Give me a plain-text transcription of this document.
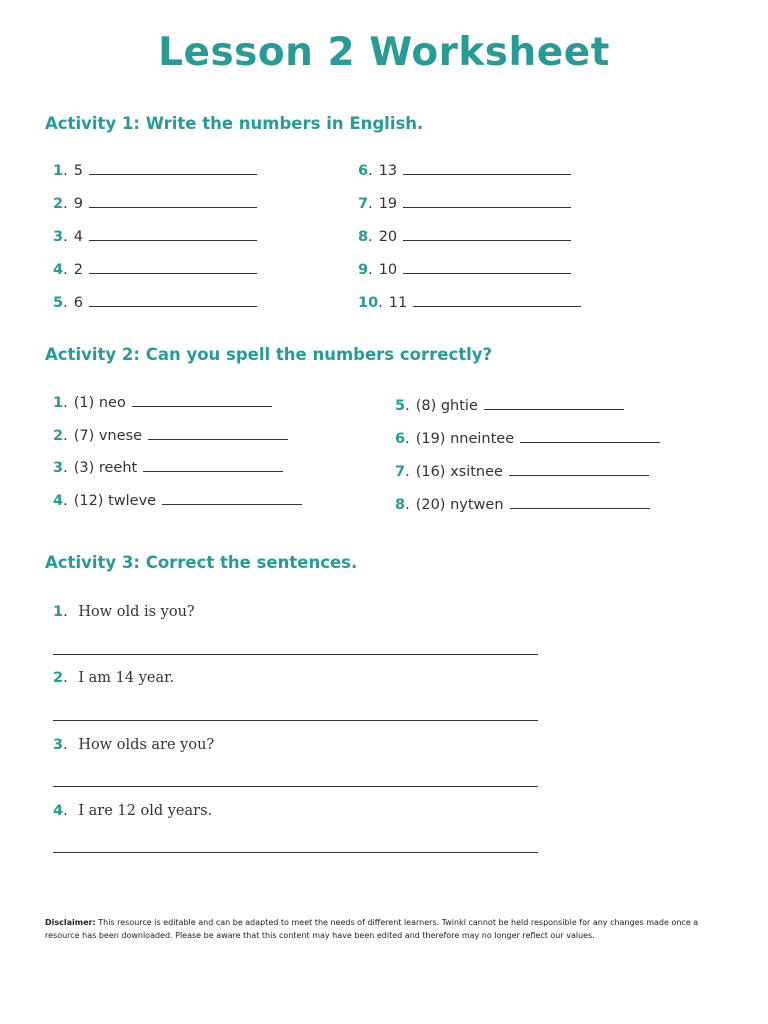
Lesson 2 Worksheet
Activity 1: Write the numbers in English.
1 . 5
2 . 9
3 . 4
4 . 2
5 . 6
6 . 13
7 . 19
8 . 20
9 . 10
10 . 11
Activity 2: Can you spell the numbers correctly?
1 . (1) neo
2 . (7) vnese
3 . (3) reeht
4 . (12) twleve
5 . (8) ghtie
6 . (19) nneintee
7 . (16) xsitnee
8 . (20) nytwen
Activity 3: Correct the sentences.
1. How old is you?
2. I am 14 year.
3. How olds are you?
4. I are 12 old years.
Disclaimer: This resource is editable and can be adapted to meet the needs of different learners. Twinkl cannot be held responsible for any changes made once a resource has been downloaded. Please be aware that this content may have been edited and therefore may no longer reflect our values.
